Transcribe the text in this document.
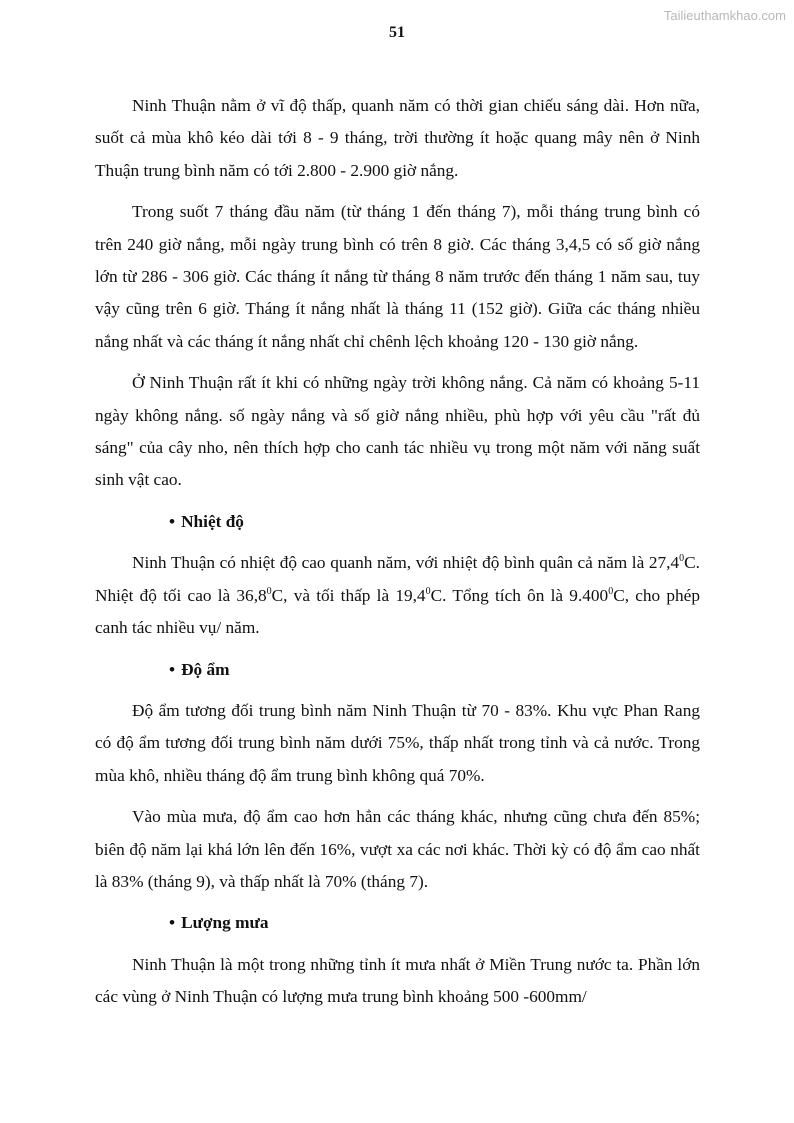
Tailieuthamkhao.com
51

Ninh Thuận nằm ở vĩ độ thấp, quanh năm có thời gian chiếu sáng dài. Hơn nữa, suốt cả mùa khô kéo dài tới 8 - 9 tháng, trời thường ít hoặc quang mây nên ở Ninh Thuận trung bình năm có tới 2.800 - 2.900 giờ nắng.

Trong suốt 7 tháng đầu năm (từ tháng 1 đến tháng 7), mỗi tháng trung bình có trên 240 giờ nắng, mỗi ngày trung bình có trên 8 giờ. Các tháng 3,4,5 có số giờ nắng lớn từ 286 - 306 giờ. Các tháng ít nắng từ tháng 8 năm trước đến tháng 1 năm sau, tuy vậy cũng trên 6 giờ. Tháng ít nắng nhất là tháng 11 (152 giờ). Giữa các tháng nhiều nắng nhất và các tháng ít nắng nhất chỉ chênh lệch khoảng 120 - 130 giờ nắng.

Ở Ninh Thuận rất ít khi có những ngày trời không nắng. Cả năm có khoảng 5-11 ngày không nắng. số ngày nắng và số giờ nắng nhiều, phù hợp với yêu cầu "rất đủ sáng" của cây nho, nên thích hợp cho canh tác nhiều vụ trong một năm với năng suất sinh vật cao.

• Nhiệt độ

Ninh Thuận có nhiệt độ cao quanh năm, với nhiệt độ bình quân cả năm là 27,4$^0$C. Nhiệt độ tối cao là 36,8$^0$C, và tối thấp là 19,4$^0$C. Tổng tích ôn là 9.400$^0$C, cho phép canh tác nhiều vụ/ năm.

• Độ ẩm

Độ ẩm tương đối trung bình năm Ninh Thuận từ 70 - 83%. Khu vực Phan Rang có độ ẩm tương đối trung bình năm dưới 75%, thấp nhất trong tỉnh và cả nước. Trong mùa khô, nhiều tháng độ ẩm trung bình không quá 70%.

Vào mùa mưa, độ ẩm cao hơn hẳn các tháng khác, nhưng cũng chưa đến 85%; biên độ năm lại khá lớn lên đến 16%, vượt xa các nơi khác. Thời kỳ có độ ẩm cao nhất là 83% (tháng 9), và thấp nhất là 70% (tháng 7).

• Lượng mưa

Ninh Thuận là một trong những tỉnh ít mưa nhất ở Miền Trung nước ta. Phần lớn các vùng ở Ninh Thuận có lượng mưa trung bình khoảng 500 -600mm/
